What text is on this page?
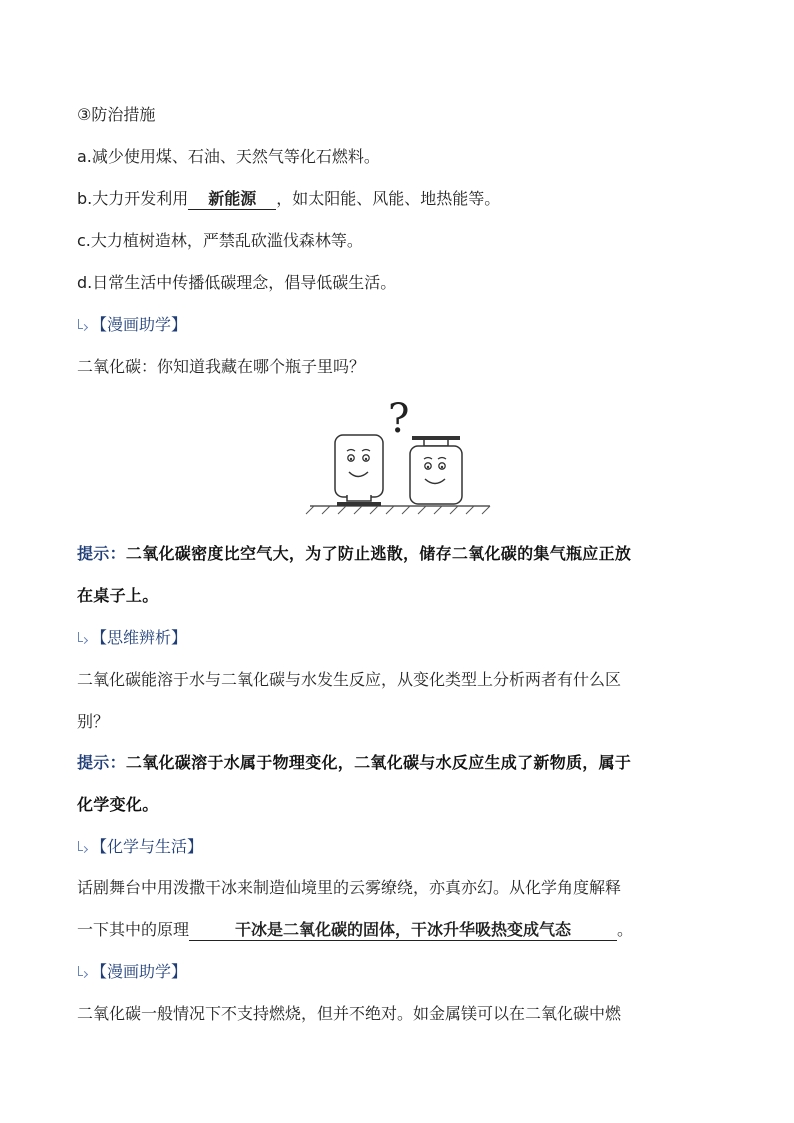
③防治措施
a.减少使用煤、石油、天然气等化石燃料。
b.大力开发利用 新能源 ，如太阳能、风能、地热能等。
c.大力植树造林，严禁乱砍滥伐森林等。
d.日常生活中传播低碳理念，倡导低碳生活。
【漫画助学】
二氧化碳：你知道我藏在哪个瓶子里吗？
?
提示：二氧化碳密度比空气大，为了防止逃散，储存二氧化碳的集气瓶应正放
在桌子上。
【思维辨析】
二氧化碳能溶于水与二氧化碳与水发生反应，从变化类型上分析两者有什么区
别？
提示：二氧化碳溶于水属于物理变化，二氧化碳与水反应生成了新物质，属于
化学变化。
【化学与生活】
话剧舞台中用泼撒干冰来制造仙境里的云雾缭绕，亦真亦幻。从化学角度解释
一下其中的原理	干冰是二氧化碳的固体，干冰升华吸热变成气态	。
【漫画助学】
二氧化碳一般情况下不支持燃烧，但并不绝对。如金属镁可以在二氧化碳中燃
